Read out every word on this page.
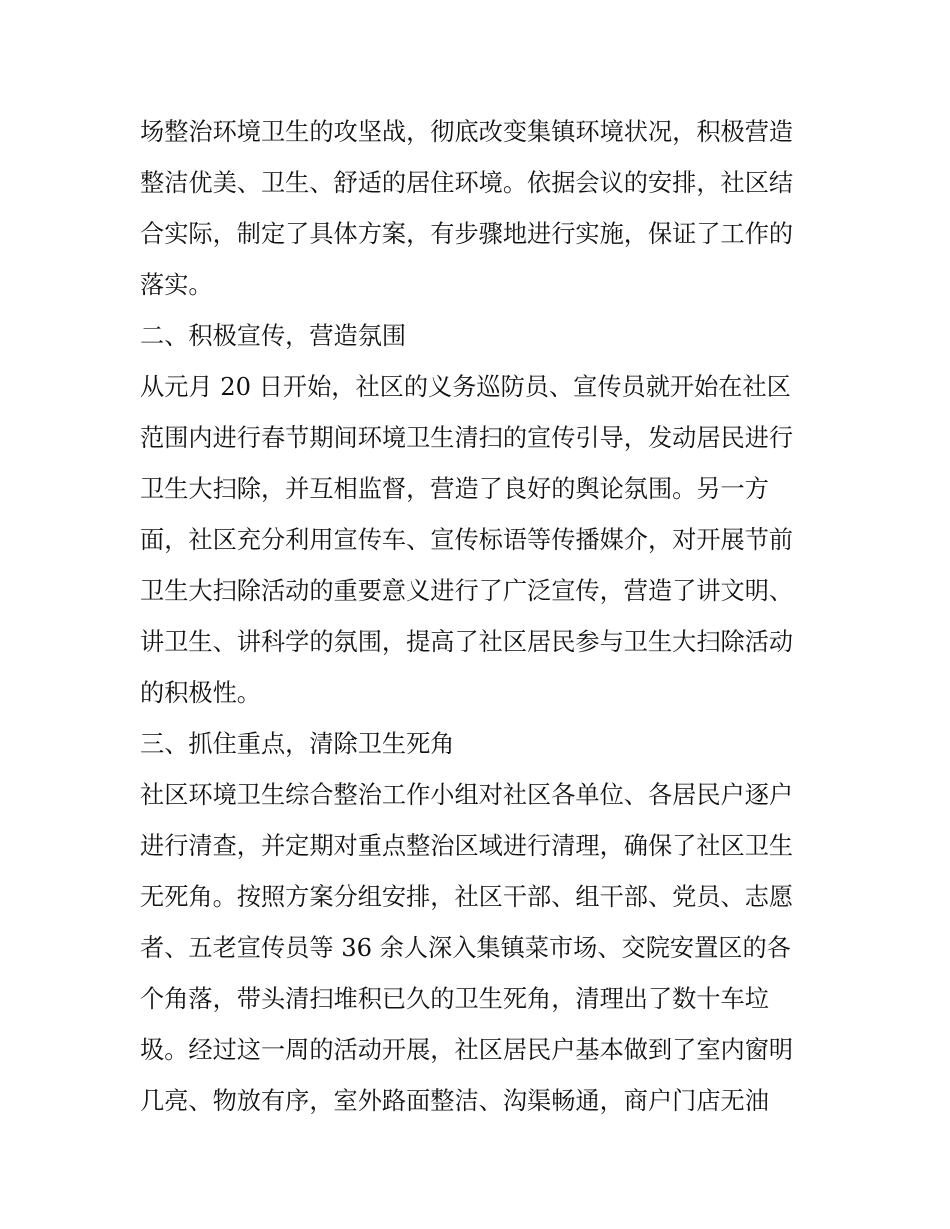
场整治环境卫生的攻坚战，彻底改变集镇环境状况，积极营造
整洁优美、卫生、舒适的居住环境。依据会议的安排，社区结
合实际，制定了具体方案，有步骤地进行实施，保证了工作的
落实。
二、积极宣传，营造氛围
从元月 20 日开始，社区的义务巡防员、宣传员就开始在社区
范围内进行春节期间环境卫生清扫的宣传引导，发动居民进行
卫生大扫除，并互相监督，营造了良好的舆论氛围。另一方
面，社区充分利用宣传车、宣传标语等传播媒介，对开展节前
卫生大扫除活动的重要意义进行了广泛宣传，营造了讲文明、
讲卫生、讲科学的氛围，提高了社区居民参与卫生大扫除活动
的积极性。
三、抓住重点，清除卫生死角
社区环境卫生综合整治工作小组对社区各单位、各居民户逐户
进行清查，并定期对重点整治区域进行清理，确保了社区卫生
无死角。按照方案分组安排，社区干部、组干部、党员、志愿
者、五老宣传员等 36 余人深入集镇菜市场、交院安置区的各
个角落，带头清扫堆积已久的卫生死角，清理出了数十车垃
圾。经过这一周的活动开展，社区居民户基本做到了室内窗明
几亮、物放有序，室外路面整洁、沟渠畅通，商户门店无油
